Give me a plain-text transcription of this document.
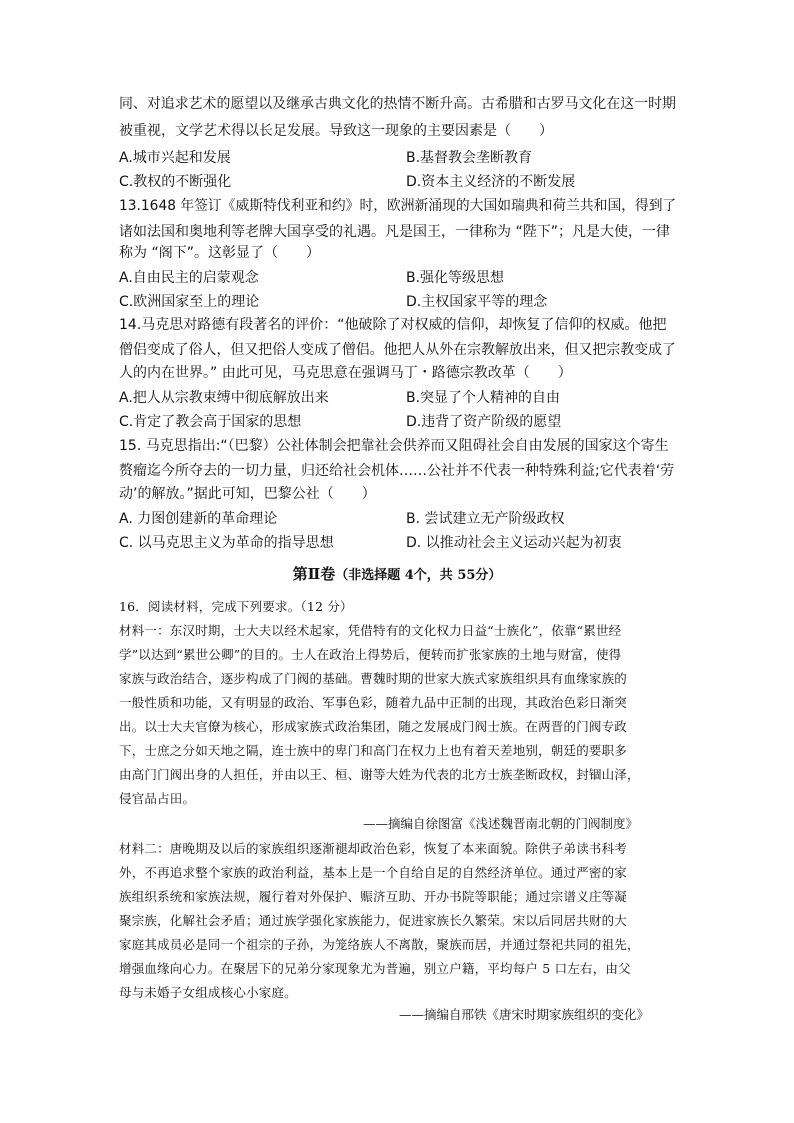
同、对追求艺术的愿望以及继承古典文化的热情不断升高。古希腊和古罗马文化在这一时期
被重视，文学艺术得以长足发展。导致这一现象的主要因素是（　　）
A.城市兴起和发展	B.基督教会垄断教育
C.教权的不断强化	D.资本主义经济的不断发展
13.1648 年签订《威斯特伐利亚和约》时，欧洲新涌现的大国如瑞典和荷兰共和国，得到了
诸如法国和奥地利等老牌大国享受的礼遇。凡是国王，一律称为 “陛下”；凡是大使，一律
称为 “阁下”。这彰显了（　　）
A.自由民主的启蒙观念	B.强化等级思想
C.欧洲国家至上的理论	D.主权国家平等的理念
14.马克思对路德有段著名的评价：“他破除了对权威的信仰，却恢复了信仰的权威。他把
僧侣变成了俗人，但又把俗人变成了僧侣。他把人从外在宗教解放出来，但又把宗教变成了
人的内在世界。” 由此可见，马克思意在强调马丁・路德宗教改革（　　）
A.把人从宗教束缚中彻底解放出来	B.突显了个人精神的自由
C.肯定了教会高于国家的思想	D.违背了资产阶级的愿望
15. 马克思指出:“（巴黎）公社体制会把靠社会供养而又阻碍社会自由发展的国家这个寄生
赘瘤迄今所夺去的一切力量，归还给社会机体……公社并不代表一种特殊利益;它代表着‘劳
动’的解放。”据此可知，巴黎公社（　　）
A. 力图创建新的革命理论	B. 尝试建立无产阶级政权
C. 以马克思主义为革命的指导思想	D. 以推动社会主义运动兴起为初衷
第Ⅱ卷（非选择题 4个，共 55分）
16．阅读材料，完成下列要求。（12 分）
材料一：东汉时期，士大夫以经术起家，凭借特有的文化权力日益“士族化”，依靠“累世经
学”以达到“累世公卿”的目的。士人在政治上得势后，便转而扩张家族的土地与财富，使得
家族与政治结合，逐步构成了门阀的基础。曹魏时期的世家大族式家族组织具有血缘家族的
一般性质和功能，又有明显的政治、军事色彩，随着九品中正制的出现，其政治色彩日渐突
出。以士大夫官僚为核心，形成家族式政治集团，随之发展成门阀士族。在两晋的门阀专政
下，士庶之分如天地之隔，连士族中的卑门和高门在权力上也有着天差地别，朝廷的要职多
由高门门阀出身的人担任，并由以王、桓、谢等大姓为代表的北方士族垄断政权，封锢山泽，
侵官品占田。
——摘编自徐图富《浅述魏晋南北朝的门阀制度》
材料二：唐晚期及以后的家族组织逐渐褪却政治色彩，恢复了本来面貌。除供子弟读书科考
外，不再追求整个家族的政治利益，基本上是一个自给自足的自然经济单位。通过严密的家
族组织系统和家族法规，履行着对外保护、赈济互助、开办书院等职能；通过宗谱义庄等凝
聚宗族，化解社会矛盾；通过族学强化家族能力，促进家族长久繁荣。宋以后同居共财的大
家庭其成员必是同一个祖宗的子孙，为笼络族人不离散，聚族而居，并通过祭祀共同的祖先，
增强血缘向心力。在聚居下的兄弟分家现象尤为普遍，别立户籍，平均每户 5 口左右，由父
母与未婚子女组成核心小家庭。
——摘编自邢铁《唐宋时期家族组织的变化》
